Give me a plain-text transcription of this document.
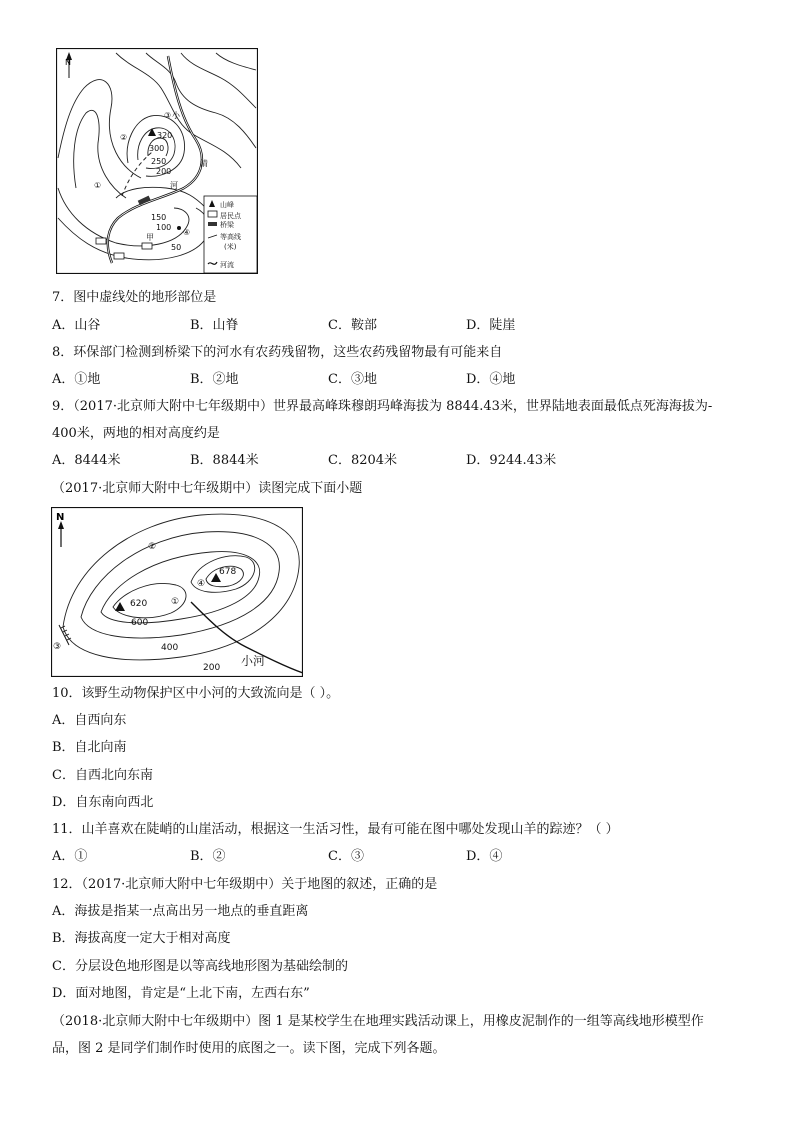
N
①
②
③
④
320
300
250
200
150
100
50
小
清
河
甲
山峰
居民点
桥梁
等高线
(米)
河流
7．图中虚线处的地形部位是
A．山谷	B．山脊	C．鞍部	D．陡崖
8．环保部门检测到桥梁下的河水有农药残留物，这些农药残留物最有可能来自
A．①地	B．②地	C．③地	D．④地
9．（2017·北京师大附中七年级期中）世界最高峰珠穆朗玛峰海拔为 8844.43米，世界陆地表面最低点死海海拔为-
400米，两地的相对高度约是
A．8444米	B．8844米	C．8204米	D．9244.43米
（2017·北京师大附中七年级期中）读图完成下面小题
N
①
②
③
④
678
620
600
400
200 小河
10．该野生动物保护区中小河的大致流向是（ ）。
A．自西向东
B．自北向南
C．自西北向东南
D．自东南向西北
11．山羊喜欢在陡峭的山崖活动，根据这一生活习性，最有可能在图中哪处发现山羊的踪迹？（ ）
A．①	B．②	C．③	D．④
12．（2017·北京师大附中七年级期中）关于地图的叙述，正确的是
A．海拔是指某一点高出另一地点的垂直距离
B．海拔高度一定大于相对高度
C．分层设色地形图是以等高线地形图为基础绘制的
D．面对地图，肯定是“上北下南，左西右东”
（2018·北京师大附中七年级期中）图 1 是某校学生在地理实践活动课上，用橡皮泥制作的一组等高线地形模型作
品，图 2 是同学们制作时使用的底图之一。读下图，完成下列各题。
